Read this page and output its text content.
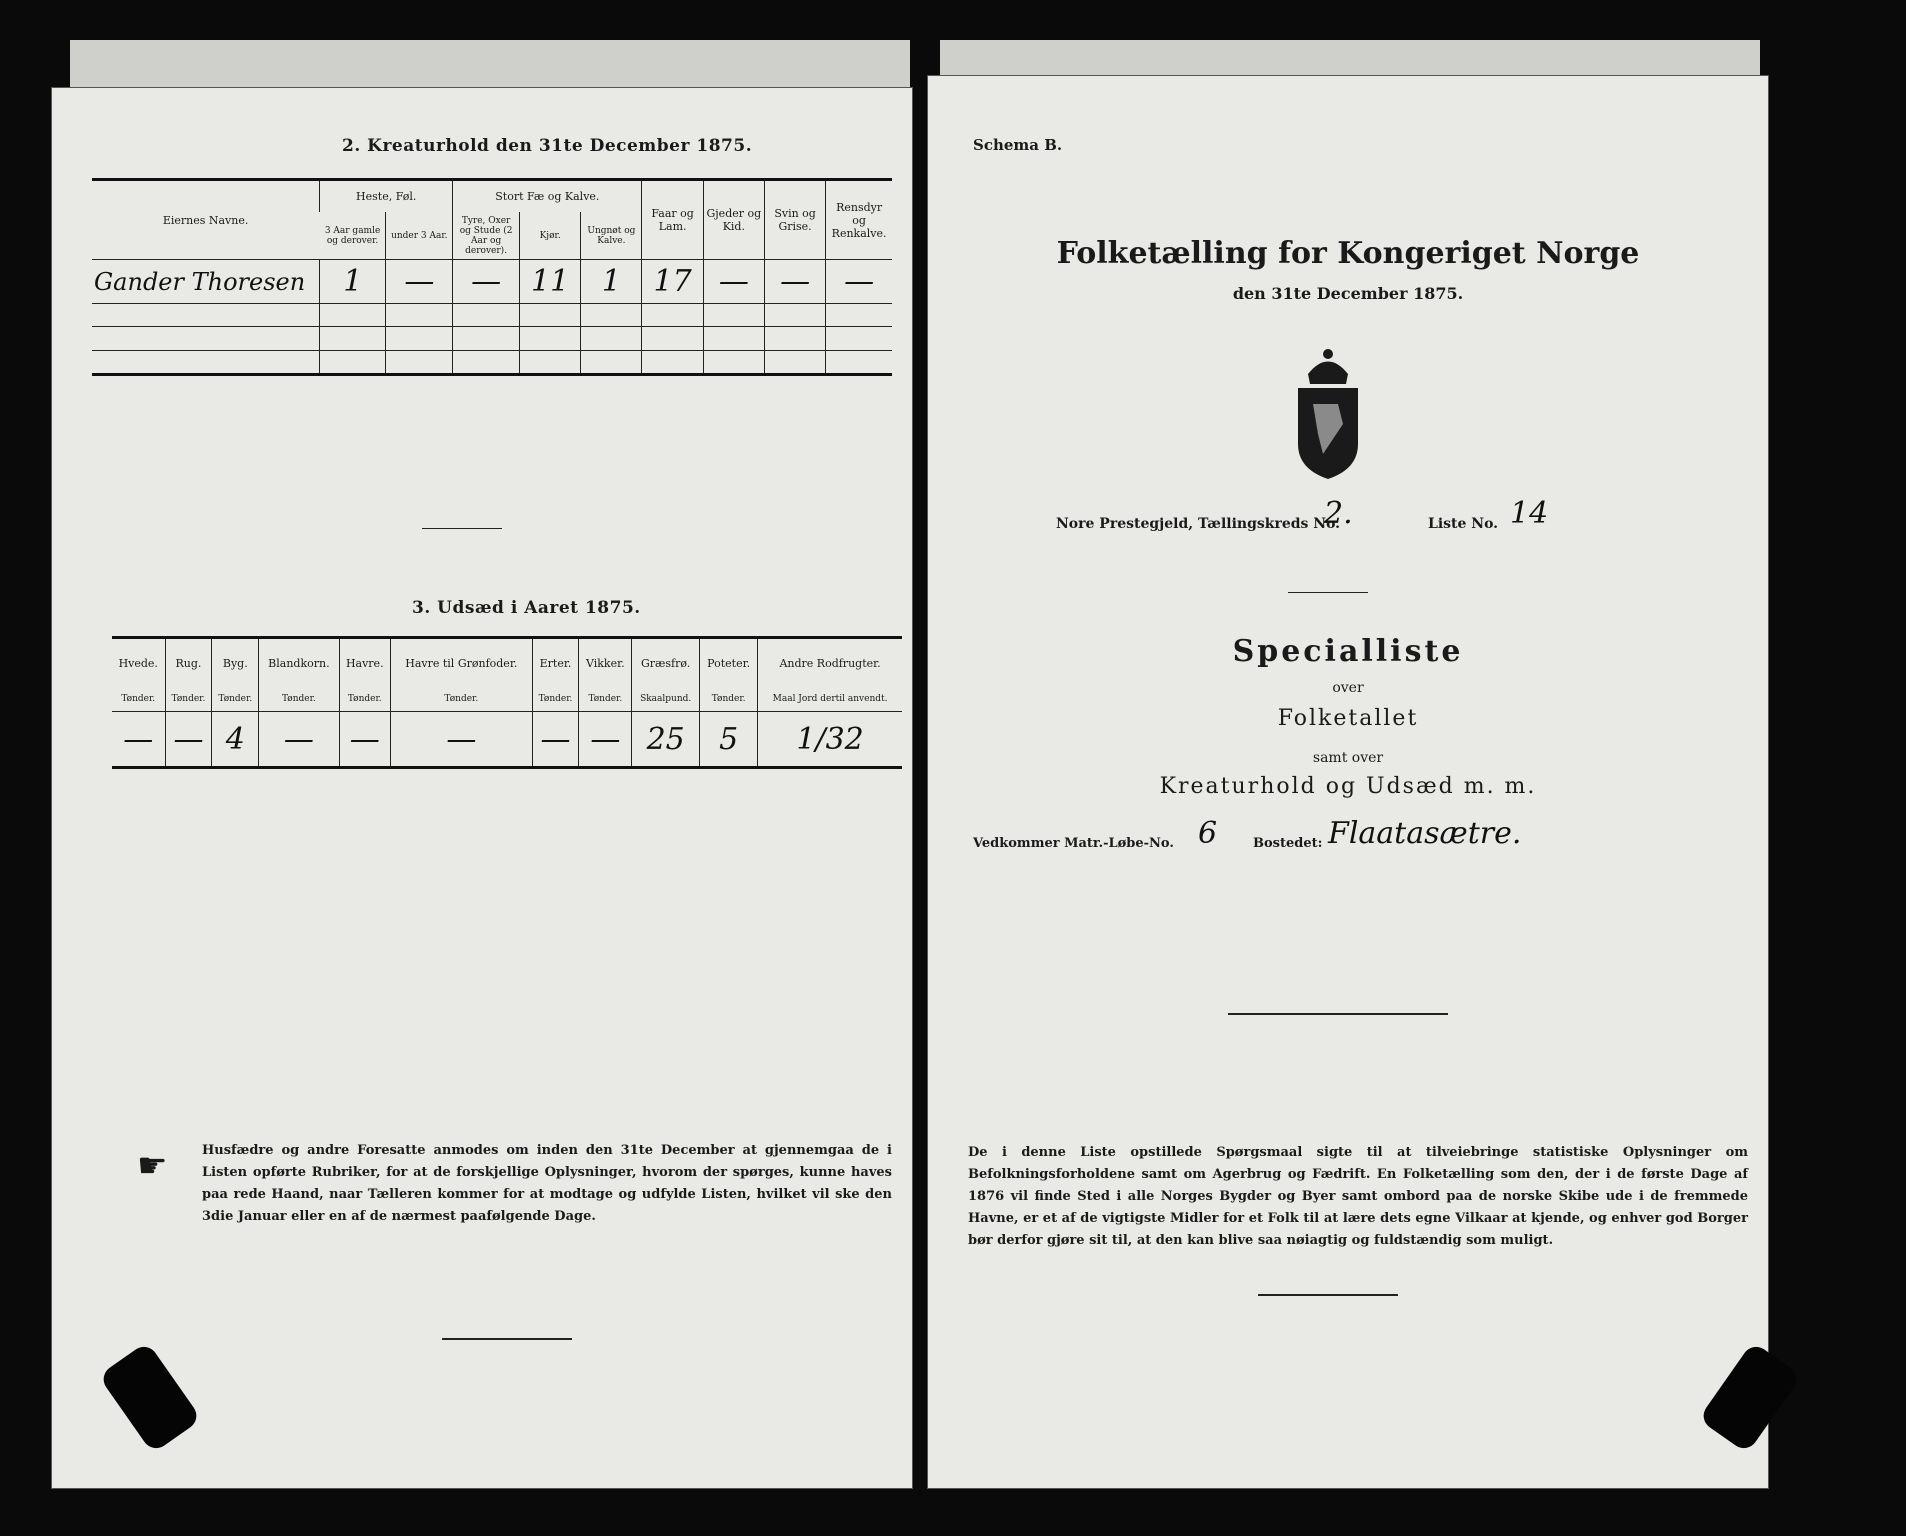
2. Kreaturhold den 31te December 1875.
Eiernes Navne.	Heste, Føl.		Stort Fæ og Kalve.			Faar og Lam.	Gjeder og Kid.	Svin og Grise.	Rensdyr og Renkalve.
	3 Aar gamle og derover.	under 3 Aar.	Tyre, Oxer og Stude (2 Aar og derover).	Kjør.	Ungnøt og Kalve.				
Gander Thoresen	1	—	—	11	1	17	—	—	—

3. Udsæd i Aaret 1875.
Hvede.	Rug.	Byg.	Blandkorn.	Havre.	Havre til Grønfoder.	Erter.	Vikker.	Græsfrø.	Poteter.	Andre Rodfrugter.
Tønder.	Tønder.	Tønder.	Tønder.	Tønder.	Tønder.	Tønder.	Tønder.	Skaalpund.	Tønder.	Maal Jord dertil anvendt.
—	—	4	—	—	—	—	—	25	5	1/32
☛	Husfædre og andre Foresatte anmodes om inden den 31te December at gjennemgaa de i Listen opførte Rubriker, for at de forskjellige Oplysninger, hvorom der spørges, kunne haves paa rede Haand, naar Tælleren kommer for at modtage og udfylde Listen, hvilket vil ske den 3die Januar eller en af de nærmest paafølgende Dage.
Schema B.
Folketælling for Kongeriget Norge
den 31te December 1875.
Nore Prestegjeld, Tællingskreds No.
2.	Liste No. 14
Specialliste
over
Folketallet
samt over
Kreaturhold og Udsæd m. m.
Vedkommer Matr.-Løbe-No. 6	Bostedet: Flaatasætre.
De i denne Liste opstillede Spørgsmaal sigte til at tilveiebringe statistiske Oplysninger om Befolkningsforholdene samt om Agerbrug og Fædrift. En Folketælling som den, der i de første Dage af 1876 vil finde Sted i alle Norges Bygder og Byer samt ombord paa de norske Skibe ude i de fremmede Havne, er et af de vigtigste Midler for et Folk til at lære dets egne Vilkaar at kjende, og enhver god Borger bør derfor gjøre sit til, at den kan blive saa nøiagtig og fuldstændig som muligt.
